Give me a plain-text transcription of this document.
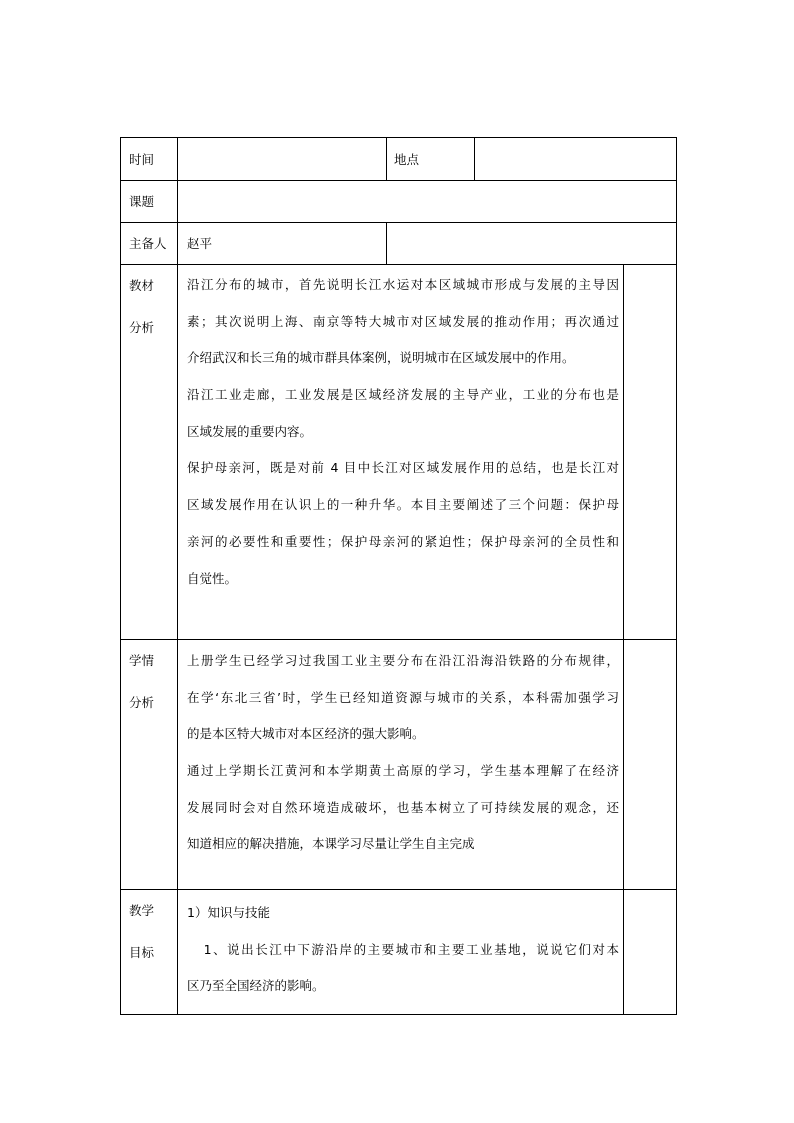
时间	地点
课题
主备人 赵平
教材
分析
沿江分布的城市，首先说明长江水运对本区域城市形成与发展的主导因
素；其次说明上海、南京等特大城市对区域发展的推动作用；再次通过
介绍武汉和长三角的城市群具体案例，说明城市在区域发展中的作用。
沿江工业走廊，工业发展是区域经济发展的主导产业，工业的分布也是
区域发展的重要内容。
保护母亲河，既是对前 4 目中长江对区域发展作用的总结，也是长江对
区域发展作用在认识上的一种升华。本目主要阐述了三个问题：保护母
亲河的必要性和重要性；保护母亲河的紧迫性；保护母亲河的全员性和
自觉性。
学情
分析
上册学生已经学习过我国工业主要分布在沿江沿海沿铁路的分布规律，
在学‘东北三省’时，学生已经知道资源与城市的关系，本科需加强学习
的是本区特大城市对本区经济的强大影响。
通过上学期长江黄河和本学期黄土高原的学习，学生基本理解了在经济
发展同时会对自然环境造成破坏，也基本树立了可持续发展的观念，还
知道相应的解决措施，本课学习尽量让学生自主完成
教学
目标
1）知识与技能
1、说出长江中下游沿岸的主要城市和主要工业基地，说说它们对本
区乃至全国经济的影响。
